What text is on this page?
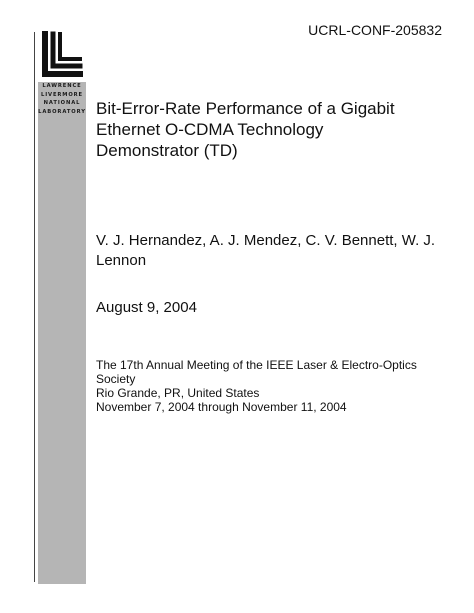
LAWRENCE
LIVERMORE
NATIONAL
LABORATORY
UCRL-CONF-205832
Bit-Error-Rate Performance of a Gigabit Ethernet O-CDMA Technology Demonstrator (TD)
V. J. Hernandez, A. J. Mendez, C. V. Bennett, W. J. Lennon
August 9, 2004
The 17th Annual Meeting of the IEEE Laser & Electro-Optics
Society
Rio Grande, PR, United States
November 7, 2004 through November 11, 2004
